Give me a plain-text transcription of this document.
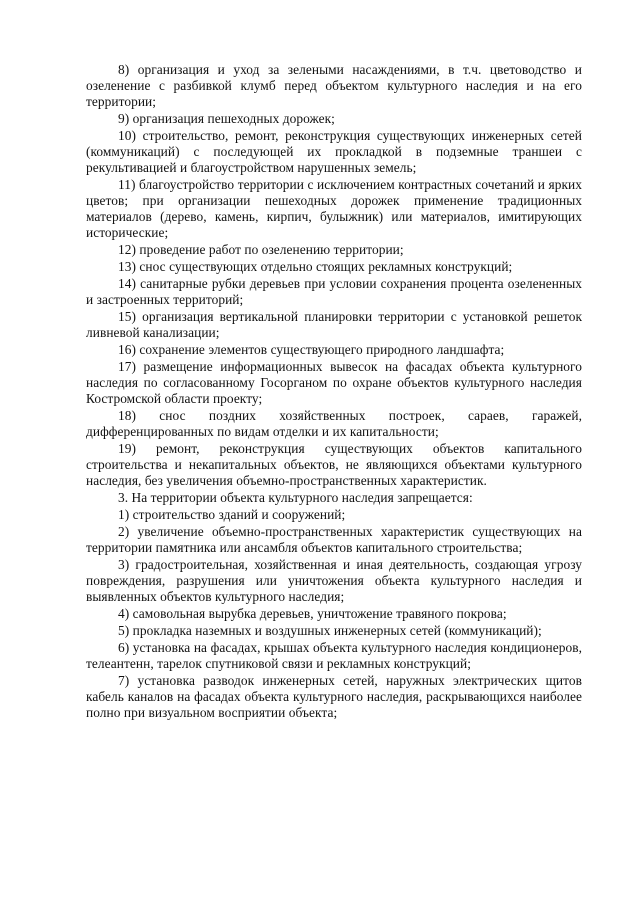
8) организация и уход за зелеными насаждениями, в т.ч. цветоводство и озеленение с разбивкой клумб перед объектом культурного наследия и на его территории;

9) организация пешеходных дорожек;

10) строительство, ремонт, реконструкция существующих инженерных сетей (коммуникаций) с последующей их прокладкой в подземные траншеи с рекультивацией и благоустройством нарушенных земель;

11) благоустройство территории с исключением контрастных сочетаний и ярких цветов; при организации пешеходных дорожек применение традиционных материалов (дерево, камень, кирпич, булыжник) или материалов, имитирующих исторические;

12) проведение работ по озеленению территории;

13) снос существующих отдельно стоящих рекламных конструкций;

14) санитарные рубки деревьев при условии сохранения процента озелененных и застроенных территорий;

15) организация вертикальной планировки территории с установкой решеток ливневой канализации;

16) сохранение элементов существующего природного ландшафта;

17) размещение информационных вывесок на фасадах объекта культурного наследия по согласованному Госорганом по охране объектов культурного наследия Костромской области проекту;

18) снос поздних хозяйственных построек, сараев, гаражей, дифференцированных по видам отделки и их капитальности;

19) ремонт, реконструкция существующих объектов капитального строительства и некапитальных объектов, не являющихся объектами культурного наследия, без увеличения объемно-пространственных характеристик.

3. На территории объекта культурного наследия запрещается:

1) строительство зданий и сооружений;

2) увеличение объемно-пространственных характеристик существующих на территории памятника или ансамбля объектов капитального строительства;

3) градостроительная, хозяйственная и иная деятельность, создающая угрозу повреждения, разрушения или уничтожения объекта культурного наследия и выявленных объектов культурного наследия;

4) самовольная вырубка деревьев, уничтожение травяного покрова;

5) прокладка наземных и воздушных инженерных сетей (коммуникаций);

6) установка на фасадах, крышах объекта культурного наследия кондиционеров, телеантенн, тарелок спутниковой связи и рекламных конструкций;

7) установка разводок инженерных сетей, наружных электрических щитов кабель каналов на фасадах объекта культурного наследия, раскрывающихся наиболее полно при визуальном восприятии объекта;
